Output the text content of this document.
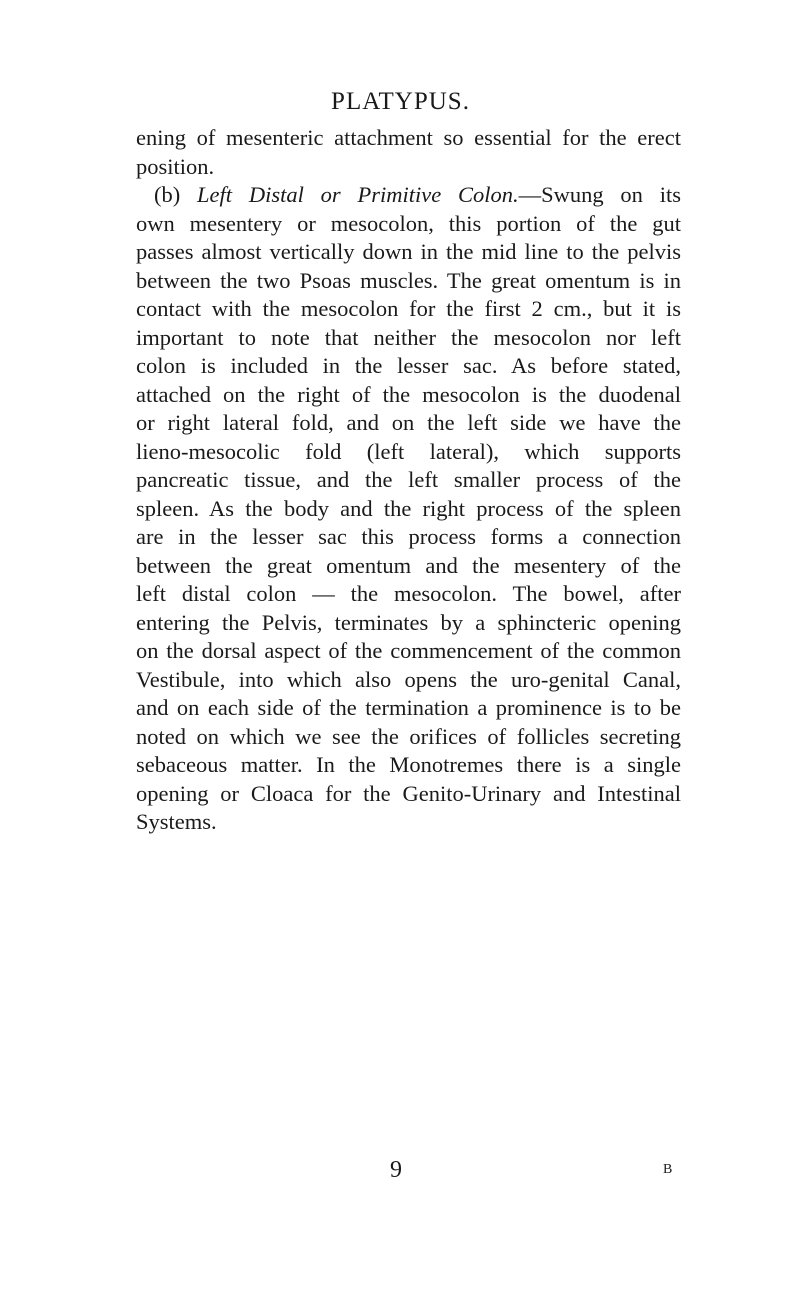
PLATYPUS.
ening of mesenteric attachment so essential for the erect
position.
(b) Left Distal or Primitive Colon.—Swung on its
own mesentery or mesocolon, this portion of the gut
passes almost vertically down in the mid line to the pelvis
between the two Psoas muscles. The great omentum is in
contact with the mesocolon for the first 2 cm., but it is
important to note that neither the mesocolon nor left
colon is included in the lesser sac. As before stated,
attached on the right of the mesocolon is the duodenal
or right lateral fold, and on the left side we have the
lieno-mesocolic fold (left lateral), which supports
pancreatic tissue, and the left smaller process of the
spleen. As the body and the right process of the spleen
are in the lesser sac this process forms a connection
between the great omentum and the mesentery of the
left distal colon — the mesocolon. The bowel, after
entering the Pelvis, terminates by a sphincteric opening
on the dorsal aspect of the commencement of the common
Vestibule, into which also opens the uro-genital Canal,
and on each side of the termination a prominence is to be
noted on which we see the orifices of follicles secreting
sebaceous matter. In the Monotremes there is a single
opening or Cloaca for the Genito-Urinary and Intestinal
Systems.
9	B
